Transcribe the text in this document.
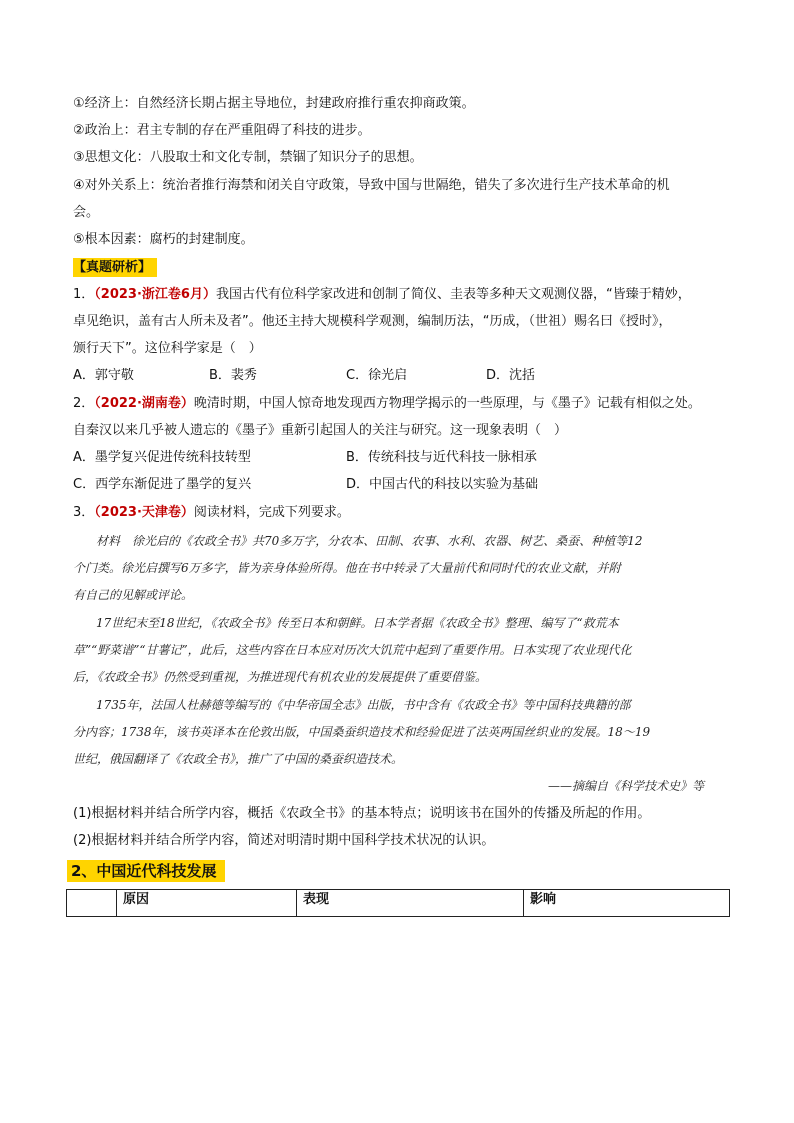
①经济上：自然经济长期占据主导地位，封建政府推行重农抑商政策。
②政治上：君主专制的存在严重阻碍了科技的进步。
③思想文化：八股取士和文化专制，禁锢了知识分子的思想。
④对外关系上：统治者推行海禁和闭关自守政策，导致中国与世隔绝，错失了多次进行生产技术革命的机
会。
⑤根本因素：腐朽的封建制度。
【真题研析】
1．（2023·浙江卷6月）我国古代有位科学家改进和创制了简仪、圭表等多种天文观测仪器，“皆臻于精妙，
卓见绝识，盖有古人所未及者”。他还主持大规模科学观测，编制历法，“历成，（世祖）赐名曰《授时》，
颁行天下”。这位科学家是（　）
A．郭守敬	B．裴秀	C．徐光启	D．沈括
2．（2022·湖南卷）晚清时期，中国人惊奇地发现西方物理学揭示的一些原理，与《墨子》记载有相似之处。
自秦汉以来几乎被人遗忘的《墨子》重新引起国人的关注与研究。这一现象表明（　）
A．墨学复兴促进传统科技转型	B．传统科技与近代科技一脉相承
C．西学东渐促进了墨学的复兴	D．中国古代的科技以实验为基础
3．（2023·天津卷）阅读材料，完成下列要求。
材料　徐光启的《农政全书》共70多万字，分农本、田制、农事、水利、农器、树艺、桑蚕、种植等12
个门类。徐光启撰写6万多字，皆为亲身体验所得。他在书中转录了大量前代和同时代的农业文献，并附
有自己的见解或评论。
17世纪末至18世纪，《农政全书》传至日本和朝鲜。日本学者据《农政全书》整理、编写了“救荒本
草”“野菜谱”“甘薯记”，此后，这些内容在日本应对历次大饥荒中起到了重要作用。日本实现了农业现代化
后，《农政全书》仍然受到重视，为推进现代有机农业的发展提供了重要借鉴。
1735年，法国人杜赫德等编写的《中华帝国全志》出版，书中含有《农政全书》等中国科技典籍的部
分内容；1738年，该书英译本在伦敦出版，中国桑蚕织造技术和经验促进了法英两国丝织业的发展。18～19
世纪，俄国翻译了《农政全书》，推广了中国的桑蚕织造技术。
——摘编自《科学技术史》等
(1)根据材料并结合所学内容，概括《农政全书》的基本特点；说明该书在国外的传播及所起的作用。
(2)根据材料并结合所学内容，简述对明清时期中国科学技术状况的认识。
2、中国近代科技发展
	原因	表现	影响
